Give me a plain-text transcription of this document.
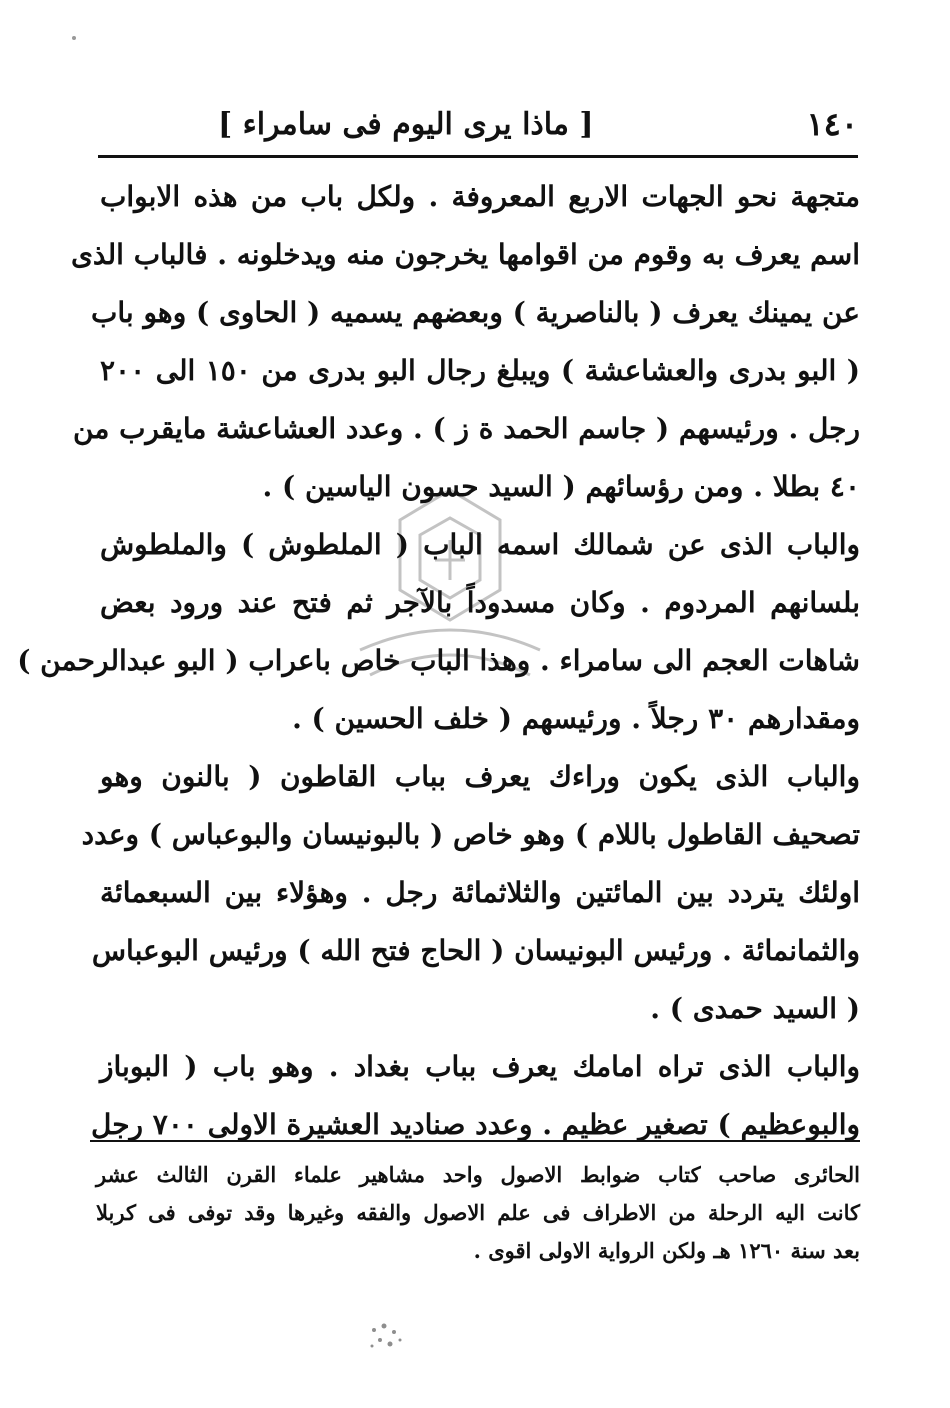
١٤٠
[ ماذا يرى اليوم فى سامراء ]
متجهة نحو الجهات الاربع المعروفة . ولكل باب من هذه الابواب
اسم يعرف به وقوم من اقوامها يخرجون منه ويدخلونه . فالباب الذى
عن يمينك يعرف ( بالناصرية ) وبعضهم يسميه ( الحاوى ) وهو باب
( البو بدرى والعشاعشة ) ويبلغ رجال البو بدرى من ١٥٠ الى ٢٠٠
رجل . ورئيسهم ( جاسم الحمد ة ز ) . وعدد العشاعشة مايقرب من
٤٠ بطلا . ومن رؤسائهم ( السيد حسون الياسين ) .
والباب الذى عن شمالك اسمه الباب ( الملطوش ) والملطوش
بلسانهم المردوم . وكان مسدوداً بالآجر ثم فتح عند ورود بعض
شاهات العجم الى سامراء . وهذا الباب خاص باعراب ( البو عبدالرحمن )
ومقدارهم ٣٠ رجلاً . ورئيسهم ( خلف الحسين ) .
والباب الذى يكون وراءك يعرف بباب القاطون ( بالنون وهو
تصحيف القاطول باللام ) وهو خاص ( بالبونيسان والبوعباس ) وعدد
اولئك يتردد بين المائتين والثلاثمائة رجل . وهؤلاء بين السبعمائة
والثمانمائة . ورئيس البونيسان ( الحاج فتح الله ) ورئيس البوعباس
( السيد حمدى ) .
والباب الذى تراه امامك يعرف بباب بغداد . وهو باب ( البوباز
والبوعظيم ) تصغير عظيم . وعدد صناديد العشيرة الاولى ٧٠٠ رجل
الحائرى صاحب كتاب ضوابط الاصول واحد مشاهير علماء القرن الثالث عشر
كانت اليه الرحلة من الاطراف فى علم الاصول والفقه وغيرها وقد توفى فى كربلا
بعد سنة ١٢٦٠ هـ ولكن الرواية الاولى اقوى .
